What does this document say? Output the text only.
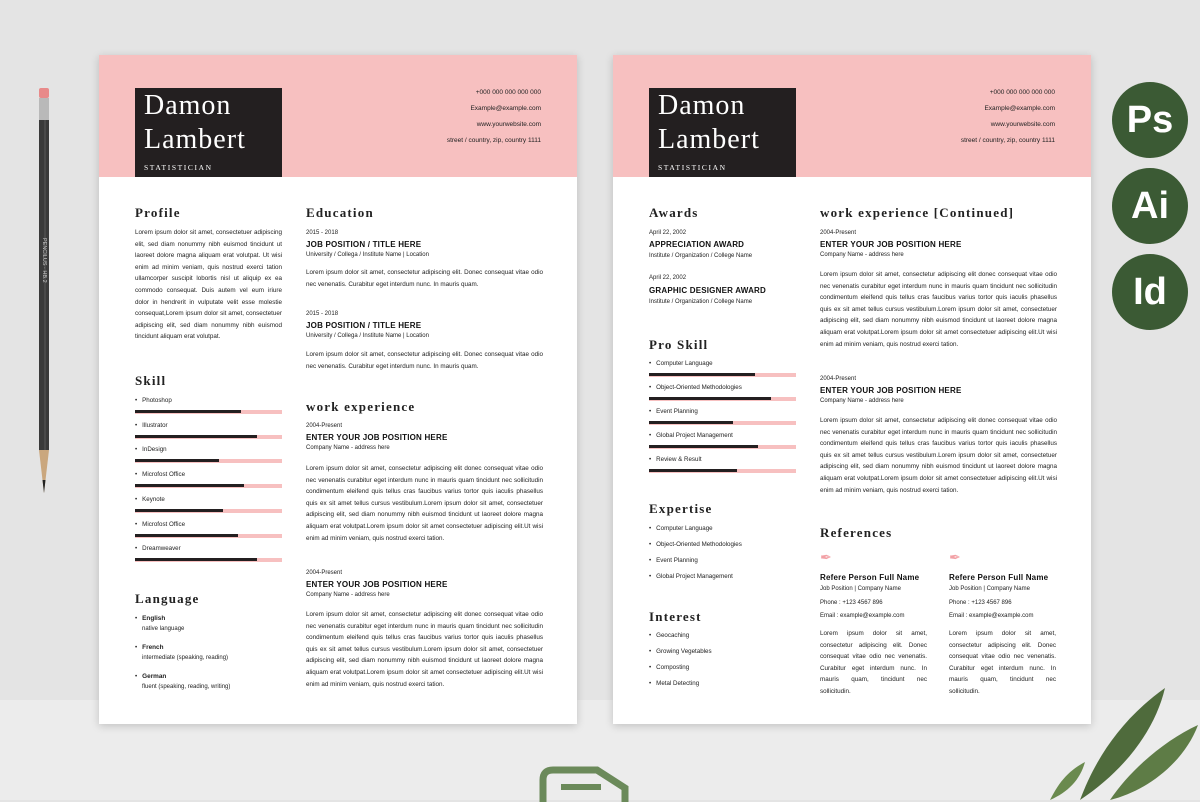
PENCILUS · HB.2
Damon
Lambert
STATISTICIAN
+000 000 000 000 000
Example@example.com
www.yourwebsite.com
street / country, zip, country 1111
Profile
Lorem ipsum dolor sit amet, consectetuer adipiscing elit, sed diam nonummy nibh euismod tincidunt ut laoreet dolore magna aliquam erat volutpat. Ut wisi enim ad minim veniam, quis nostrud exerci tation ullamcorper suscipit lobortis nisl ut aliquip ex ea commodo consequat. Duis autem vel eum iriure dolor in hendrerit in vulputate velit esse molestie consequat,Lorem ipsum dolor sit amet, consectetuer adipiscing elit, sed diam nonummy nibh euismod tincidunt aliquam erat volutpat.
Skill
• Photoshop
• Illustrator
• InDesign
• Microfost Office
• Keynote
• Microfost Office
• Dreamweaver
Language
• English
native language
• French
intermediate (speaking, reading)
• German
fluent (speaking, reading, writing)
Education
2015 - 2018
JOB POSITION / TITLE HERE
University / Collega / Institute Name | Location
Lorem ipsum dolor sit amet, consectetur adipiscing elit. Donec consequat vitae odio nec venenatis. Curabitur eget interdum nunc. In mauris quam.
2015 - 2018
JOB POSITION / TITLE HERE
University / Collega / Institute Name | Location
Lorem ipsum dolor sit amet, consectetur adipiscing elit. Donec consequat vitae odio nec venenatis. Curabitur eget interdum nunc. In mauris quam.
work experience
2004-Present
ENTER YOUR JOB POSITION HERE
Company Name - address here
Lorem ipsum dolor sit amet, consectetur adipiscing elit donec consequat vitae odio nec venenatis curabitur eget interdum nunc in mauris quam tincidunt nec sollicitudin condimentum eleifend quis tellus cras faucibus varius tortor quis iaculis phasellus quis ex sit amet tellus cursus vestibulum.Lorem ipsum dolor sit amet, consectetuer adipiscing elit, sed diam nonummy nibh euismod tincidunt ut laoreet dolore magna aliquam erat volutpat.Lorem ipsum dolor sit amet consectetuer adipiscing elit.Ut wisi enim ad minim veniam, quis nostrud exerci tation.
2004-Present
ENTER YOUR JOB POSITION HERE
Company Name - address here
Lorem ipsum dolor sit amet, consectetur adipiscing elit donec consequat vitae odio nec venenatis curabitur eget interdum nunc in mauris quam tincidunt nec sollicitudin condimentum eleifend quis tellus cras faucibus varius tortor quis iaculis phasellus quis ex sit amet tellus cursus vestibulum.Lorem ipsum dolor sit amet, consectetuer adipiscing elit, sed diam nonummy nibh euismod tincidunt ut laoreet dolore magna aliquam erat volutpat.Lorem ipsum dolor sit amet consectetuer adipiscing elit.Ut wisi enim ad minim veniam, quis nostrud exerci tation.
Damon
Lambert
STATISTICIAN
+000 000 000 000 000
Example@example.com
www.yourwebsite.com
street / country, zip, country 1111
Awards
April 22, 2002
APPRECIATION AWARD
Institute / Organization / College Name
April 22, 2002
GRAPHIC DESIGNER AWARD
Institute / Organization / College Name
Pro Skill
• Computer Language
• Object-Oriented Methodologies
• Event Planning
• Global Project Management
• Review & Result
Expertise
• Computer Language
• Object-Oriented Methodologies
• Event Planning
• Global Project Management
Interest
• Geocaching
• Growing Vegetables
• Composting
• Metal Detecting
work experience [Continued]
2004-Present
ENTER YOUR JOB POSITION HERE
Company Name - address here
Lorem ipsum dolor sit amet, consectetur adipiscing elit donec consequat vitae odio nec venenatis curabitur eget interdum nunc in mauris quam tincidunt nec sollicitudin condimentum eleifend quis tellus cras faucibus varius tortor quis iaculis phasellus quis ex sit amet tellus cursus vestibulum.Lorem ipsum dolor sit amet, consectetuer adipiscing elit, sed diam nonummy nibh euismod tincidunt ut laoreet dolore magna aliquam erat volutpat.Lorem ipsum dolor sit amet consectetuer adipiscing elit.Ut wisi enim ad minim veniam, quis nostrud exerci tation.
2004-Present
ENTER YOUR JOB POSITION HERE
Company Name - address here
Lorem ipsum dolor sit amet, consectetur adipiscing elit donec consequat vitae odio nec venenatis curabitur eget interdum nunc in mauris quam tincidunt nec sollicitudin condimentum eleifend quis tellus cras faucibus varius tortor quis iaculis phasellus quis ex sit amet tellus cursus vestibulum.Lorem ipsum dolor sit amet, consectetuer adipiscing elit, sed diam nonummy nibh euismod tincidunt ut laoreet dolore magna aliquam erat volutpat.Lorem ipsum dolor sit amet consectetuer adipiscing elit.Ut wisi enim ad minim veniam, quis nostrud exerci tation.
References
✒
Refere Person Full Name
Job Position | Company Name
Phone : +123 4567 896
Email : example@example.com
Lorem ipsum dolor sit amet, consectetur adipiscing elit. Donec consequat vitae odio nec venenatis. Curabitur eget interdum nunc. In mauris quam, tincidunt nec sollicitudin.
✒
Refere Person Full Name
Job Position | Company Name
Phone : +123 4567 896
Email : example@example.com
Lorem ipsum dolor sit amet, consectetur adipiscing elit. Donec consequat vitae odio nec venenatis. Curabitur eget interdum nunc. In mauris quam, tincidunt nec sollicitudin.
Ps
Ai
Id
